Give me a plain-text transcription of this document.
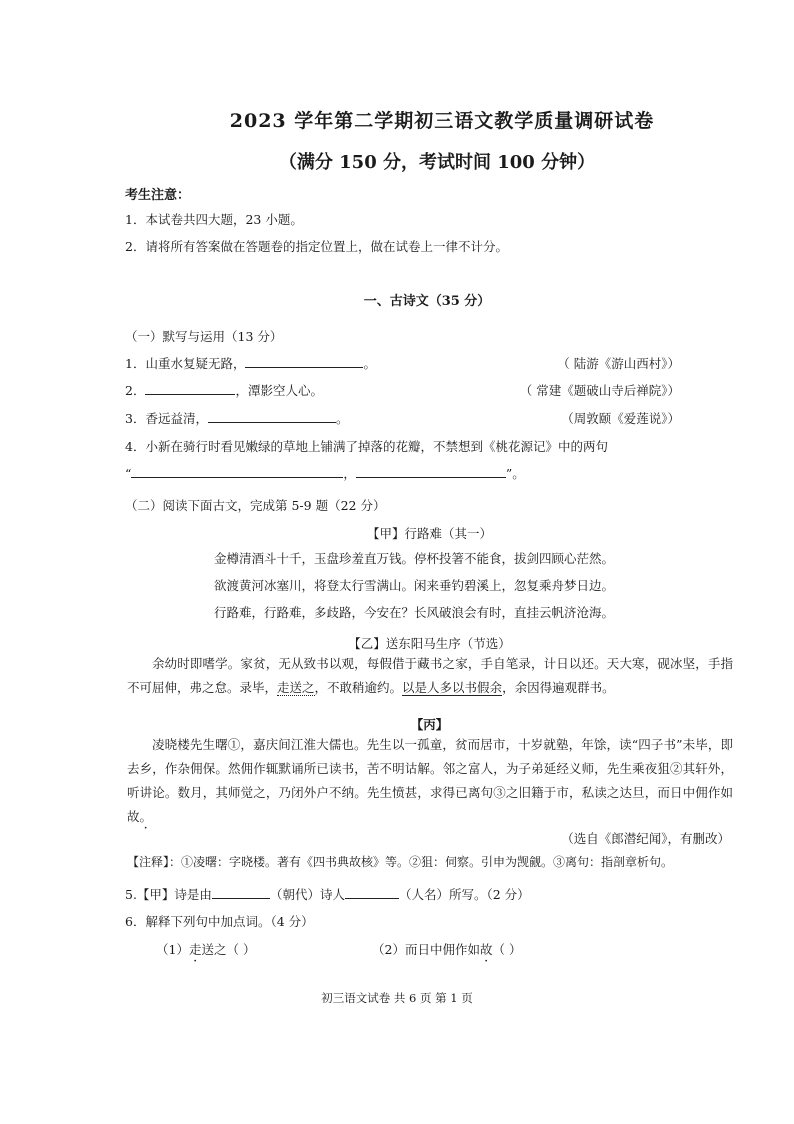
2023 学年第二学期初三语文教学质量调研试卷
（满分 150 分，考试时间 100 分钟）
考生注意：
1．本试卷共四大题，23 小题。
2．请将所有答案做在答题卷的指定位置上，做在试卷上一律不计分。
一、古诗文（35 分）
（一）默写与运用（13 分）
1．山重水复疑无路，	。	（ 陆游《游山西村》）
2．	，潭影空人心。	（ 常建《题破山寺后禅院》）
3．香远益清，	。	（周敦颐《爱莲说》）
4．小新在骑行时看见嫩绿的草地上铺满了掉落的花瓣，不禁想到《桃花源记》中的两句
“	，	”。
（二）阅读下面古文，完成第 5-9 题（22 分）
【甲】行路难（其一）
金樽清酒斗十千，玉盘珍羞直万钱。停杯投箸不能食，拔剑四顾心茫然。
欲渡黄河冰塞川，将登太行雪满山。闲来垂钓碧溪上，忽复乘舟梦日边。
行路难，行路难，多歧路，今安在？长风破浪会有时，直挂云帆济沧海。
【乙】送东阳马生序（节选）
余幼时即嗜学。家贫，无从致书以观，每假借于藏书之家，手自笔录，计日以还。天大寒，砚冰坚，手指不可屈伸，弗之怠。录毕，走送之，不敢稍逾约。以是人多以书假余，余因得遍观群书。
【丙】
凌晓楼先生曙①，嘉庆间江淮大儒也。先生以一孤童，贫而居市，十岁就塾，年馀，读“四子书”未毕，即去乡，作杂佣保。然佣作辄默诵所已读书，苦不明诂解。邻之富人，为子弟延经义师，先生乘夜狙②其轩外，听讲论。数月，其师觉之，乃闭外户不纳。先生愤甚，求得已离句③之旧籍于市，私读之达旦，而日中佣作如故。
（选自《郎潜纪闻》，有删改）
【注释】：①凌曙：字晓楼。著有《四书典故核》等。②狙：伺察。引申为觊觎。③离句：指剖章析句。
5.【甲】诗是由	（朝代）诗人	（人名）所写。（2 分）
6．解释下列句中加点词。（4 分）
（1）走送之（ ）	（2）而日中佣作如故（ ）
初三语文试卷 共 6 页 第 1 页
